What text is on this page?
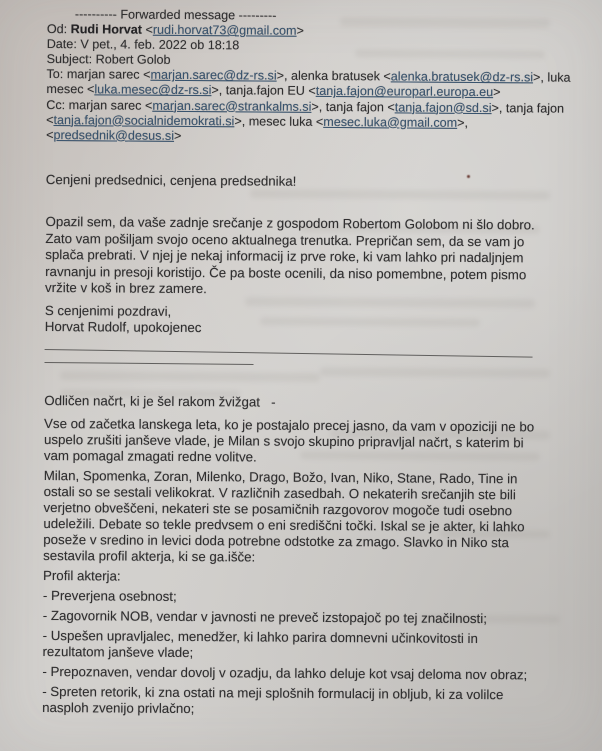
---------- Forwarded message ---------
Od: Rudi Horvat <rudi.horvat73@gmail.com>
Date: V pet., 4. feb. 2022 ob 18:18
Subject: Robert Golob
To: marjan sarec <marjan.sarec@dz-rs.si>, alenka bratusek <alenka.bratusek@dz-rs.si>, luka mesec <luka.mesec@dz-rs.si>, tanja.fajon EU <tanja.fajon@europarl.europa.eu>
Cc: marjan sarec <marjan.sarec@strankalms.si>, tanja fajon <tanja.fajon@sd.si>, tanja fajon <tanja.fajon@socialnidemokrati.si>, mesec luka <mesec.luka@gmail.com>, <predsednik@desus.si>

Cenjeni predsednici, cenjena predsednika!

Opazil sem, da vaše zadnje srečanje z gospodom Robertom Golobom ni šlo dobro. Zato vam pošiljam svojo oceno aktualnega trenutka. Prepričan sem, da se vam jo splača prebrati. V njej je nekaj informacij iz prve roke, ki vam lahko pri nadaljnjem ravnanju in presoji koristijo. Če pa boste ocenili, da niso pomembne, potem pismo vržite v koš in brez zamere.

S cenjenimi pozdravi,

Horvat Rudolf, upokojenec

Odličen načrt, ki je šel rakom žvižgat   -

Vse od začetka lanskega leta, ko je postajalo precej jasno, da vam v opoziciji ne bo uspelo zrušiti janševe vlade, je Milan s svojo skupino pripravljal načrt, s katerim bi vam pomagal zmagati redne volitve.

Milan, Spomenka, Zoran, Milenko, Drago, Božo, Ivan, Niko, Stane, Rado, Tine in ostali so se sestali velikokrat. V različnih zasedbah. O nekaterih srečanjih ste bili verjetno obveščeni, nekateri ste se posamičnih razgovorov mogoče tudi osebno udeležili. Debate so tekle predvsem o eni središčni točki. Iskal se je akter, ki lahko poseže v sredino in levici doda potrebne odstotke za zmago. Slavko in Niko sta sestavila profil akterja, ki se ga.išče:

Profil akterja:

- Preverjena osebnost;

- Zagovornik NOB, vendar v javnosti ne preveč izstopajoč po tej značilnosti;

- Uspešen upravljalec, menedžer, ki lahko parira domnevni učinkovitosti in rezultatom janševe vlade;

- Prepoznaven, vendar dovolj v ozadju, da lahko deluje kot vsaj deloma nov obraz;

- Spreten retorik, ki zna ostati na meji splošnih formulacij in obljub, ki za volilce nasploh zvenijo privlačno;
